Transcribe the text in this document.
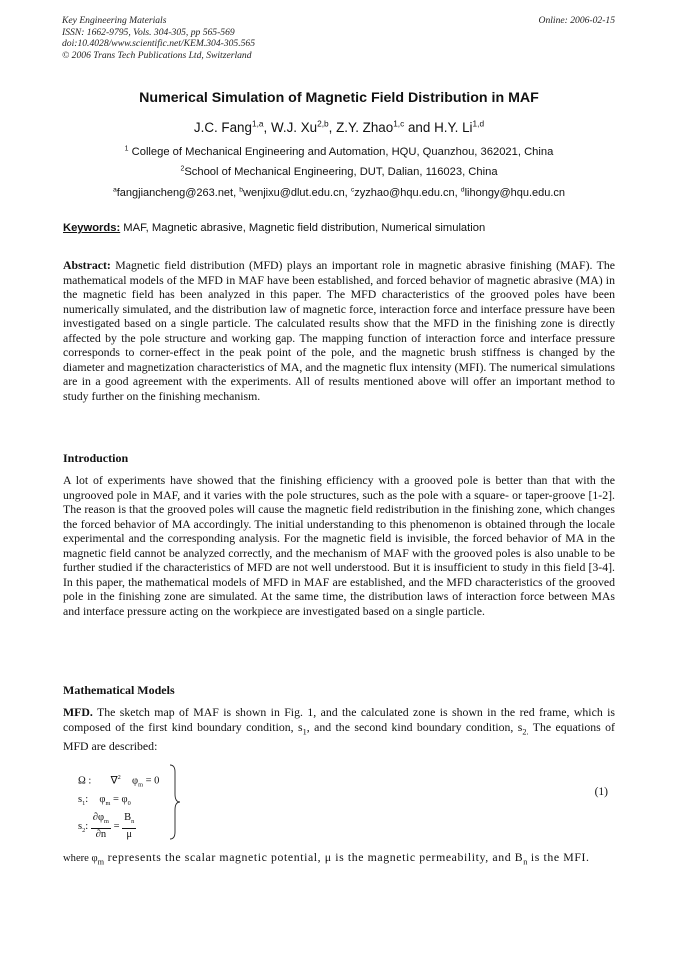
Key Engineering Materials
ISSN: 1662-9795, Vols. 304-305, pp 565-569
doi:10.4028/www.scientific.net/KEM.304-305.565
© 2006 Trans Tech Publications Ltd, Switzerland
Online: 2006-02-15
Numerical Simulation of Magnetic Field Distribution in MAF
J.C. Fang$^{1,a}$, W.J. Xu$^{2,b}$, Z.Y. Zhao$^{1,c}$ and H.Y. Li$^{1,d}$
$^1$ College of Mechanical Engineering and Automation, HQU, Quanzhou, 362021, China
$^2$School of Mechanical Engineering, DUT, Dalian, 116023, China
$^a$fangjiancheng@263.net, $^b$wenjixu@dlut.edu.cn, $^c$zyzhao@hqu.edu.cn, $^d$lihongy@hqu.edu.cn
Keywords: MAF, Magnetic abrasive, Magnetic field distribution, Numerical simulation
Abstract: Magnetic field distribution (MFD) plays an important role in magnetic abrasive finishing (MAF). The mathematical models of the MFD in MAF have been established, and forced behavior of magnetic abrasive (MA) in the magnetic field has been analyzed in this paper. The MFD characteristics of the grooved poles have been numerically simulated, and the distribution law of magnetic force, interaction force and interface pressure have been investigated based on a single particle. The calculated results show that the MFD in the finishing zone is directly affected by the pole structure and working gap. The mapping function of interaction force and interface pressure corresponds to corner-effect in the peak point of the pole, and the magnetic brush stiffness is changed by the diameter and magnetization characteristics of MA, and the magnetic flux intensity (MFI). The numerical simulations are in a good agreement with the experiments. All of results mentioned above will offer an important method to study further on the finishing mechanism.
Introduction
A lot of experiments have showed that the finishing efficiency with a grooved pole is better than that with the ungrooved pole in MAF, and it varies with the pole structures, such as the pole with a square- or taper-groove [1-2]. The reason is that the grooved poles will cause the magnetic field redistribution in the finishing zone, which changes the forced behavior of MA accordingly. The initial understanding to this phenomenon is obtained through the locale experimental and the corresponding analysis. For the magnetic field is invisible, the forced behavior of MA in the magnetic field cannot be analyzed correctly, and the mechanism of MAF with the grooved poles is also unable to be further studied if the characteristics of MFD are not well understood. But it is insufficient to study in this field [3-4]. In this paper, the mathematical models of MFD in MAF are established, and the MFD characteristics of the grooved pole in the finishing zone are simulated. At the same time, the distribution laws of interaction force between MAs and interface pressure acting on the workpiece are investigated based on a single particle.
Mathematical Models
MFD. The sketch map of MAF is shown in Fig. 1, and the calculated zone is shown in the red frame, which is composed of the first kind boundary condition, $s_1$, and the second kind boundary condition, $s_{2.}$ The equations of MFD are described:
Ω : ∇$^2$ $\varphi_m = 0$
$s_1$: $\varphi_m = \varphi_0$
$s_2$: $\frac{\partial\varphi_m}{\partial n} = \frac{B_n}{\mu}$
(1)
where $\varphi_m$ represents the scalar magnetic potential, μ is the magnetic permeability, and $B_n$ is the MFI.
